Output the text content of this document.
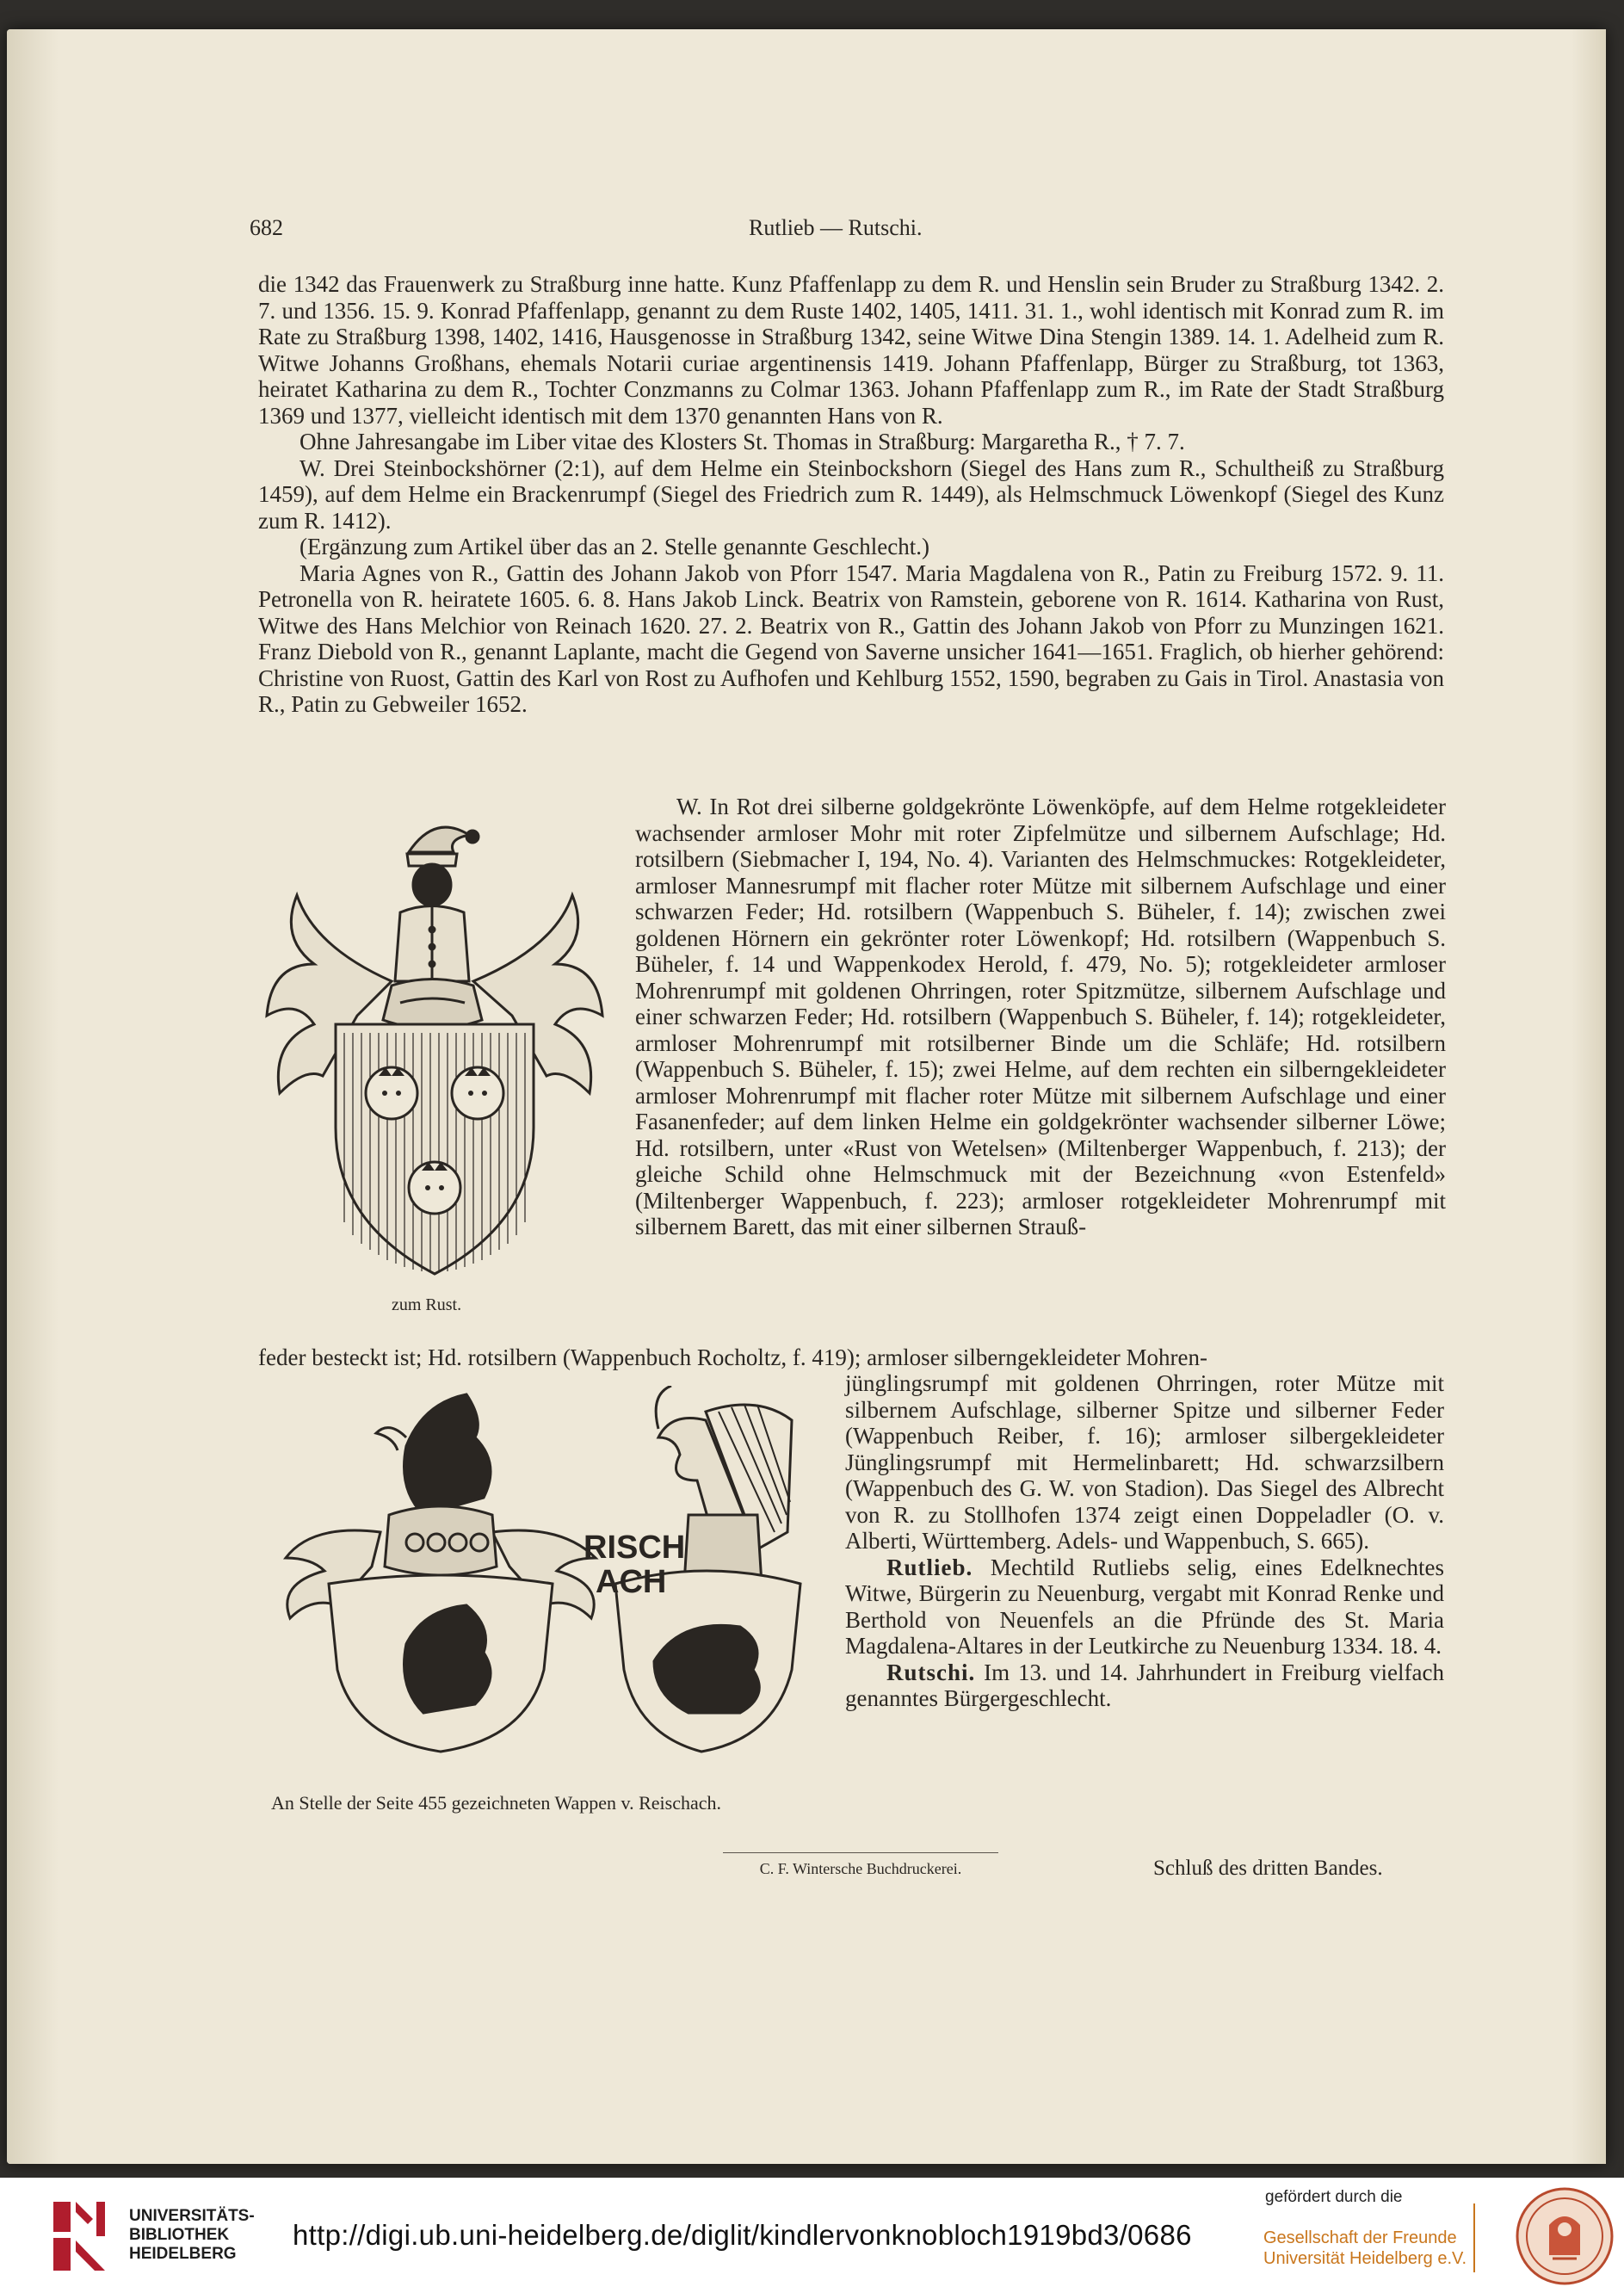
682	Rutlieb — Rutschi.

die 1342 das Frauenwerk zu Straßburg inne hatte. Kunz Pfaffenlapp zu dem R. und Henslin sein Bruder zu Straßburg 1342. 2. 7. und 1356. 15. 9. Konrad Pfaffenlapp, genannt zu dem Ruste 1402, 1405, 1411. 31. 1., wohl identisch mit Konrad zum R. im Rate zu Straßburg 1398, 1402, 1416, Hausgenosse in Straßburg 1342, seine Witwe Dina Stengin 1389. 14. 1. Adelheid zum R. Witwe Johanns Großhans, ehemals Notarii curiae argentinensis 1419. Johann Pfaffenlapp, Bürger zu Straßburg, tot 1363, heiratet Katharina zu dem R., Tochter Conzmanns zu Colmar 1363. Johann Pfaffenlapp zum R., im Rate der Stadt Straßburg 1369 und 1377, vielleicht identisch mit dem 1370 genannten Hans von R.

Ohne Jahresangabe im Liber vitae des Klosters St. Thomas in Straßburg: Margaretha R., † 7. 7.

W. Drei Steinbockshörner (2:1), auf dem Helme ein Steinbockshorn (Siegel des Hans zum R., Schultheiß zu Straßburg 1459), auf dem Helme ein Brackenrumpf (Siegel des Friedrich zum R. 1449), als Helmschmuck Löwenkopf (Siegel des Kunz zum R. 1412).

(Ergänzung zum Artikel über das an 2. Stelle genannte Geschlecht.)

Maria Agnes von R., Gattin des Johann Jakob von Pforr 1547. Maria Magdalena von R., Patin zu Freiburg 1572. 9. 11. Petronella von R. heiratete 1605. 6. 8. Hans Jakob Linck. Beatrix von Ramstein, geborene von R. 1614. Katharina von Rust, Witwe des Hans Melchior von Reinach 1620. 27. 2. Beatrix von R., Gattin des Johann Jakob von Pforr zu Munzingen 1621. Franz Diebold von R., genannt Laplante, macht die Gegend von Saverne unsicher 1641—1651. Fraglich, ob hierher gehörend: Christine von Ruost, Gattin des Karl von Rost zu Aufhofen und Kehlburg 1552, 1590, begraben zu Gais in Tirol. Anastasia von R., Patin zu Gebweiler 1652.

zum Rust.

W. In Rot drei silberne goldgekrönte Löwenköpfe, auf dem Helme rotgekleideter wachsender armloser Mohr mit roter Zipfelmütze und silbernem Aufschlage; Hd. rotsilbern (Siebmacher I, 194, No. 4). Varianten des Helmschmuckes: Rotgekleideter, armloser Mannesrumpf mit flacher roter Mütze mit silbernem Aufschlage und einer schwarzen Feder; Hd. rotsilbern (Wappenbuch S. Büheler, f. 14); zwischen zwei goldenen Hörnern ein gekrönter roter Löwenkopf; Hd. rotsilbern (Wappenbuch S. Büheler, f. 14 und Wappenkodex Herold, f. 479, No. 5); rotgekleideter armloser Mohrenrumpf mit goldenen Ohrringen, roter Spitzmütze, silbernem Aufschlage und einer schwarzen Feder; Hd. rotsilbern (Wappenbuch S. Büheler, f. 14); rotgekleideter, armloser Mohrenrumpf mit rotsilberner Binde um die Schläfe; Hd. rotsilbern (Wappenbuch S. Büheler, f. 15); zwei Helme, auf dem rechten ein silberngekleideter armloser Mohrenrumpf mit flacher roter Mütze mit silbernem Aufschlage und einer Fasanenfeder; auf dem linken Helme ein goldgekrönter wachsender silberner Löwe; Hd. rotsilbern, unter «Rust von Wetelsen» (Miltenberger Wappenbuch, f. 213); der gleiche Schild ohne Helmschmuck mit der Bezeichnung «von Estenfeld» (Miltenberger Wappenbuch, f. 223); armloser rotgekleideter Mohrenrumpf mit silbernem Barett, das mit einer silbernen Strauß-

feder besteckt ist; Hd. rotsilbern (Wappenbuch Rocholtz, f. 419); armloser silberngekleideter Mohren-

RISCH
ACH

jünglingsrumpf mit goldenen Ohrringen, roter Mütze mit silbernem Aufschlage, silberner Spitze und silberner Feder (Wappenbuch Reiber, f. 16); armloser silbergekleideter Jünglingsrumpf mit Hermelinbarett; Hd. schwarzsilbern (Wappenbuch des G. W. von Stadion). Das Siegel des Albrecht von R. zu Stollhofen 1374 zeigt einen Doppeladler (O. v. Alberti, Württemberg. Adels- und Wappenbuch, S. 665).

Rutlieb. Mechtild Rutliebs selig, eines Edelknechtes Witwe, Bürgerin zu Neuenburg, vergabt mit Konrad Renke und Berthold von Neuenfels an die Pfründe des St. Maria Magdalena-Altares in der Leutkirche zu Neuenburg 1334. 18. 4.

Rutschi. Im 13. und 14. Jahrhundert in Freiburg vielfach genanntes Bürgergeschlecht.

An Stelle der Seite 455 gezeichneten Wappen v. Reischach.
C. F. Wintersche Buchdruckerei.	Schluß des dritten Bandes.
UNIVERSITÄTS-
BIBLIOTHEK
HEIDELBERG
http://digi.ub.uni-heidelberg.de/diglit/kindlervonknobloch1919bd3/0686
gefördert durch die
Gesellschaft der Freunde
Universität Heidelberg e.V.
